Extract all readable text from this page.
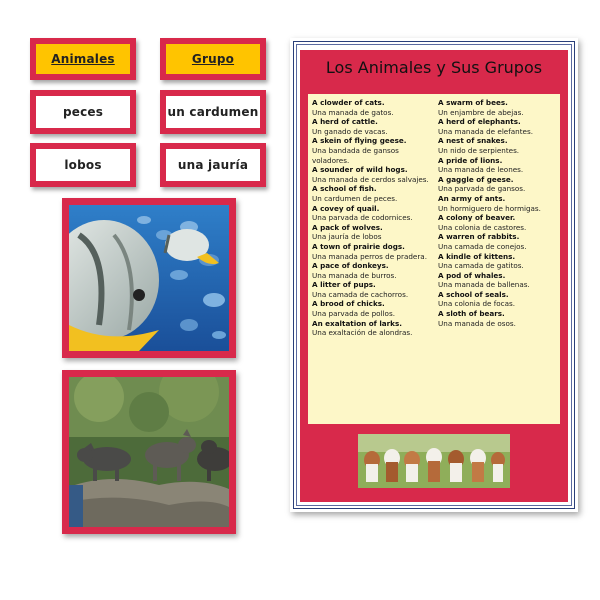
Animales	Grupo
peces	un cardumen
lobos	una jauría
Los Animales y Sus Grupos
A clowder of cats.
Una manada de gatos.
A herd of cattle.
Un ganado de vacas.
A skein of flying geese.
Una bandada de gansos voladores.
A sounder of wild hogs.
Una manada de cerdos salvajes.
A school of fish.
Un cardumen de peces.
A covey of quail.
Una parvada de codornices.
A pack of wolves.
Una jauría de lobos
A town of prairie dogs.
Una manada perros de pradera.
A pace of donkeys.
Una manada de burros.
A litter of pups.
Una camada de cachorros.
A brood of chicks.
Una parvada de pollos.
An exaltation of larks.
Una exaltación de alondras.
A swarm of bees.
Un enjambre de abejas.
A herd of elephants.
Una manada de elefantes.
A nest of snakes.
Un nido de serpientes.
A pride of lions.
Una manada de leones.
A gaggle of geese.
Una parvada de gansos.
An army of ants.
Un hormiguero de hormigas.
A colony of beaver.
Una colonia de castores.
A warren of rabbits.
Una camada de conejos.
A kindle of kittens.
Una camada de gatitos.
A pod of whales.
Una manada de ballenas.
A school of seals.
Una colonia de focas.
A sloth of bears.
Una manada de osos.
